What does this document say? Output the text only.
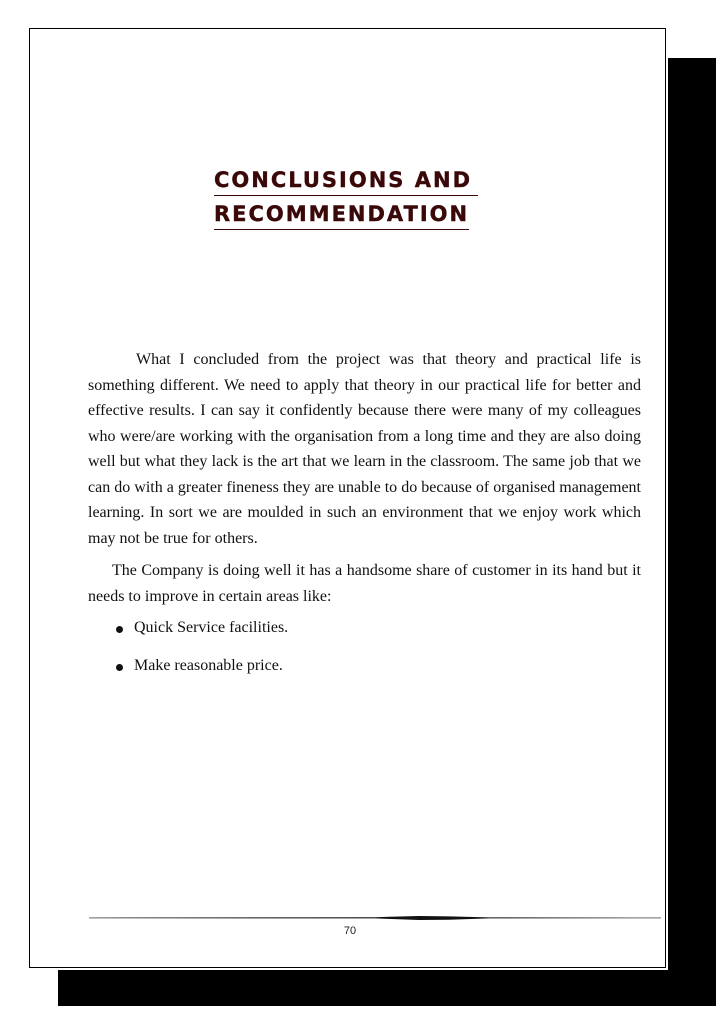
CONCLUSIONS AND
RECOMMENDATION

What I concluded from the project was that theory and practical life is something different. We need to apply that theory in our practical life for better and effective results. I can say it confidently because there were many of my colleagues who were/are working with the organisation from a long time and they are also doing well but what they lack is the art that we learn in the classroom. The same job that we can do with a greater fineness they are unable to do because of organised management learning. In sort we are moulded in such an environment that we enjoy work which may not be true for others.

The Company is doing well it has a handsome share of customer in its hand but it needs to improve in certain areas like:

Quick Service facilities.
Make reasonable price.
70
